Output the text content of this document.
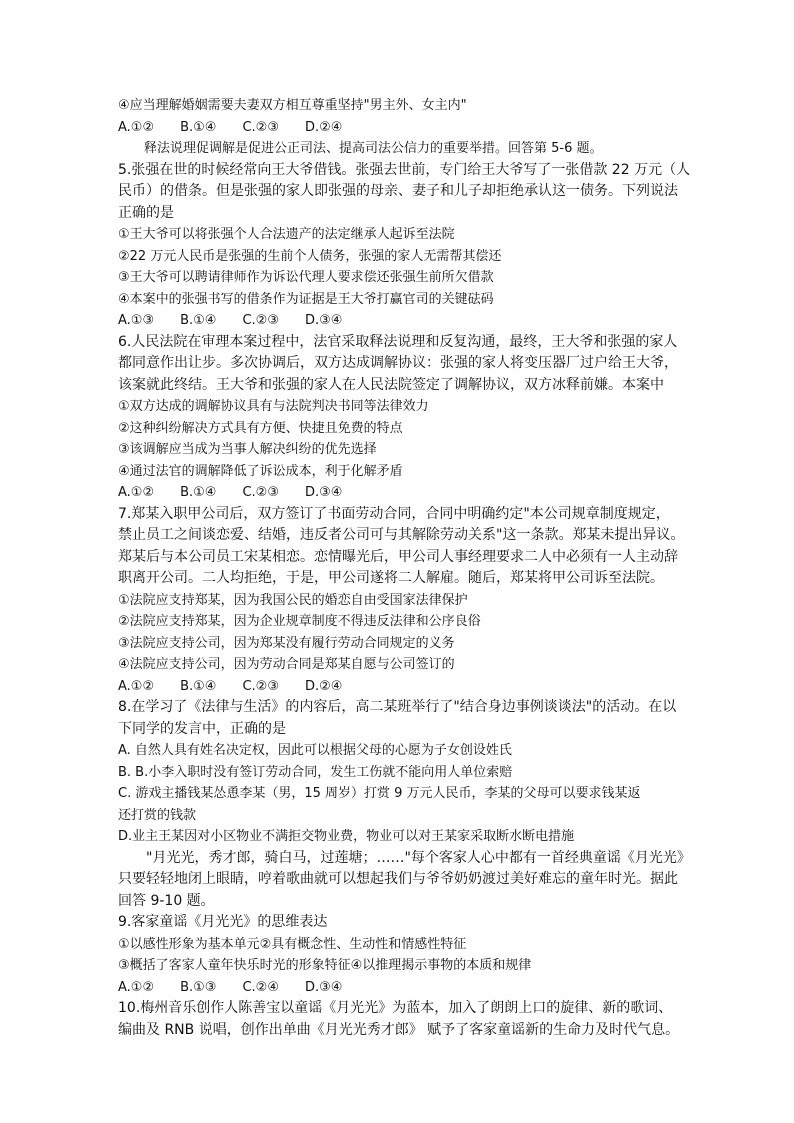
④应当理解婚姻需要夫妻双方相互尊重坚持"男主外、女主内"
A.①②　　B.①④　　C.②③　　D.②④
　　释法说理促调解是促进公正司法、提高司法公信力的重要举措。回答第 5-6 题。
5.张强在世的时候经常向王大爷借钱。张强去世前，专门给王大爷写了一张借款 22 万元（人
民币）的借条。但是张强的家人即张强的母亲、妻子和儿子却拒绝承认这一债务。下列说法
正确的是
①王大爷可以将张强个人合法遗产的法定继承人起诉至法院
②22 万元人民币是张强的生前个人债务，张强的家人无需帮其偿还
③王大爷可以聘请律师作为诉讼代理人要求偿还张强生前所欠借款
④本案中的张强书写的借条作为证据是王大爷打赢官司的关键砝码
A.①③　　B.①④　　C.②③　　D.③④
6.人民法院在审理本案过程中，法官采取释法说理和反复沟通，最终，王大爷和张强的家人
都同意作出让步。多次协调后，双方达成调解协议：张强的家人将变压器厂过户给王大爷，
该案就此终结。王大爷和张强的家人在人民法院签定了调解协议，双方冰释前嫌。本案中
①双方达成的调解协议具有与法院判决书同等法律效力
②这种纠纷解决方式具有方便、快捷且免费的特点
③该调解应当成为当事人解决纠纷的优先选择
④通过法官的调解降低了诉讼成本，利于化解矛盾
A.①②　　B.①④　　C.②③　　D.③④
7.郑某入职甲公司后，双方签订了书面劳动合同，合同中明确约定"本公司规章制度规定，
禁止员工之间谈恋爱、结婚，违反者公司可与其解除劳动关系"这一条款。郑某未提出异议。
郑某后与本公司员工宋某相恋。恋情曝光后，甲公司人事经理要求二人中必须有一人主动辞
职离开公司。二人均拒绝，于是，甲公司遂将二人解雇。随后，郑某将甲公司诉至法院。
①法院应支持郑某，因为我国公民的婚恋自由受国家法律保护
②法院应支持郑某，因为企业规章制度不得违反法律和公序良俗
③法院应支持公司，因为郑某没有履行劳动合同规定的义务
④法院应支持公司，因为劳动合同是郑某自愿与公司签订的
A.①②　　B.①④　　C.②③　　D.②④
8.在学习了《法律与生活》的内容后，高二某班举行了"结合身边事例谈谈法"的活动。在以
下同学的发言中，正确的是
A. 自然人具有姓名决定权，因此可以根据父母的心愿为子女创设姓氏
B. B.小李入职时没有签订劳动合同，发生工伤就不能向用人单位索赔
C. 游戏主播钱某怂恿李某（男，15 周岁）打赏 9 万元人民币，李某的父母可以要求钱某返
还打赏的钱款
D.业主王某因对小区物业不满拒交物业费，物业可以对王某家采取断水断电措施
　　"月光光，秀才郎，骑白马，过莲塘；……"每个客家人心中都有一首经典童谣《月光光》
只要轻轻地闭上眼睛，哼着歌曲就可以想起我们与爷爷奶奶渡过美好难忘的童年时光。据此
回答 9-10 题。
9.客家童谣《月光光》的思维表达
①以感性形象为基本单元②具有概念性、生动性和情感性特征
③概括了客家人童年快乐时光的形象特征④以推理揭示事物的本质和规律
A.①②　　B.①③　　C.②④　　D.③④
10.梅州音乐创作人陈善宝以童谣《月光光》为蓝本，加入了朗朗上口的旋律、新的歌词、
编曲及 RNB 说唱，创作出单曲《月光光秀才郎》 赋予了客家童谣新的生命力及时代气息。
